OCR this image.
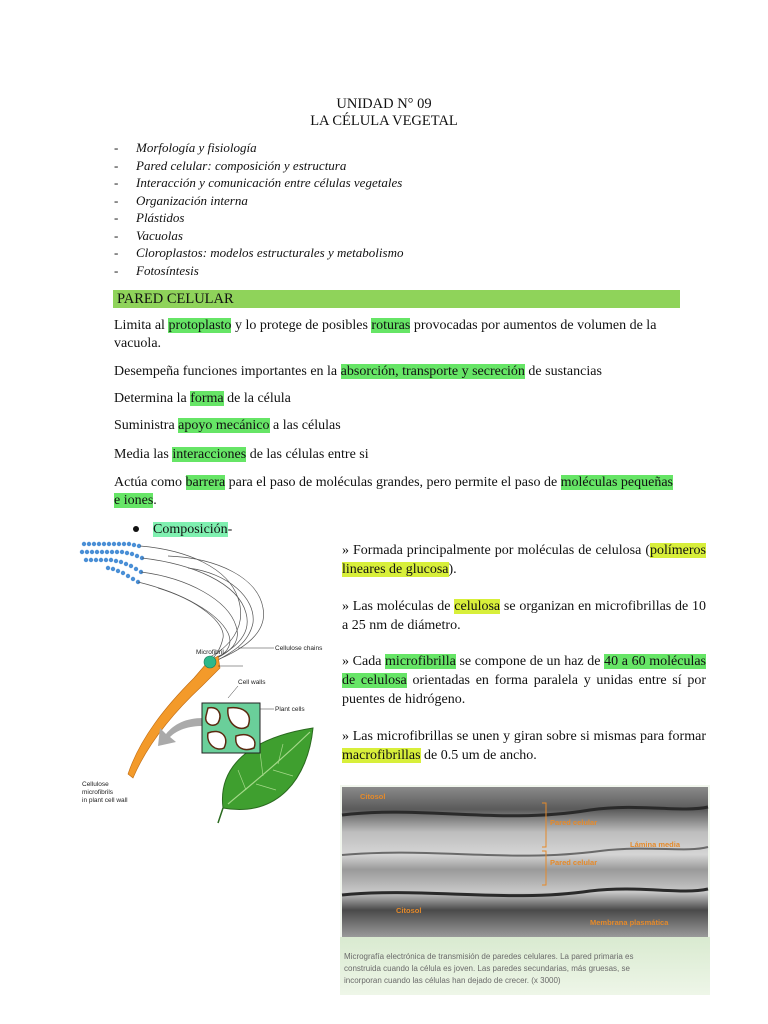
UNIDAD N° 09
LA CÉLULA VEGETAL
- Morfología y fisiología
- Pared celular: composición y estructura
- Interacción y comunicación entre células vegetales
- Organización interna
- Plástidos
- Vacuolas
- Cloroplastos: modelos estructurales y metabolismo
- Fotosíntesis
PARED CELULAR
Limita al protoplasto y lo protege de posibles roturas provocadas por aumentos de volumen de la vacuola.
Desempeña funciones importantes en la absorción, transporte y secreción de sustancias
Determina la forma de la célula
Suministra apoyo mecánico a las células
Media las interacciones de las células entre si
Actúa como barrera para el paso de moléculas grandes, pero permite el paso de moléculas pequeñas e iones.
Composición-
Cellulose chains
Microfibril
Cell walls
Plant cells
Cellulose
microfibrils
in plant cell wall
» Formada principalmente por moléculas de celulosa (polímeros lineares de glucosa).
» Las moléculas de celulosa se organizan en microfibrillas de 10 a 25 nm de diámetro.
» Cada microfibrilla se compone de un haz de 40 a 60 moléculas de celulosa orientadas en forma paralela y unidas entre sí por puentes de hidrógeno.
» Las microfibrillas se unen y giran sobre si mismas para formar macrofibrillas de 0.5 um de ancho.
Citosol
Pared celular
Lámina media
Pared celular
Citosol
Membrana plasmática
Micrografía electrónica de transmisión de paredes celulares. La pared primaria es
construida cuando la célula es joven. Las paredes secundarias, más gruesas, se
incorporan cuando las células han dejado de crecer. (x 3000)
